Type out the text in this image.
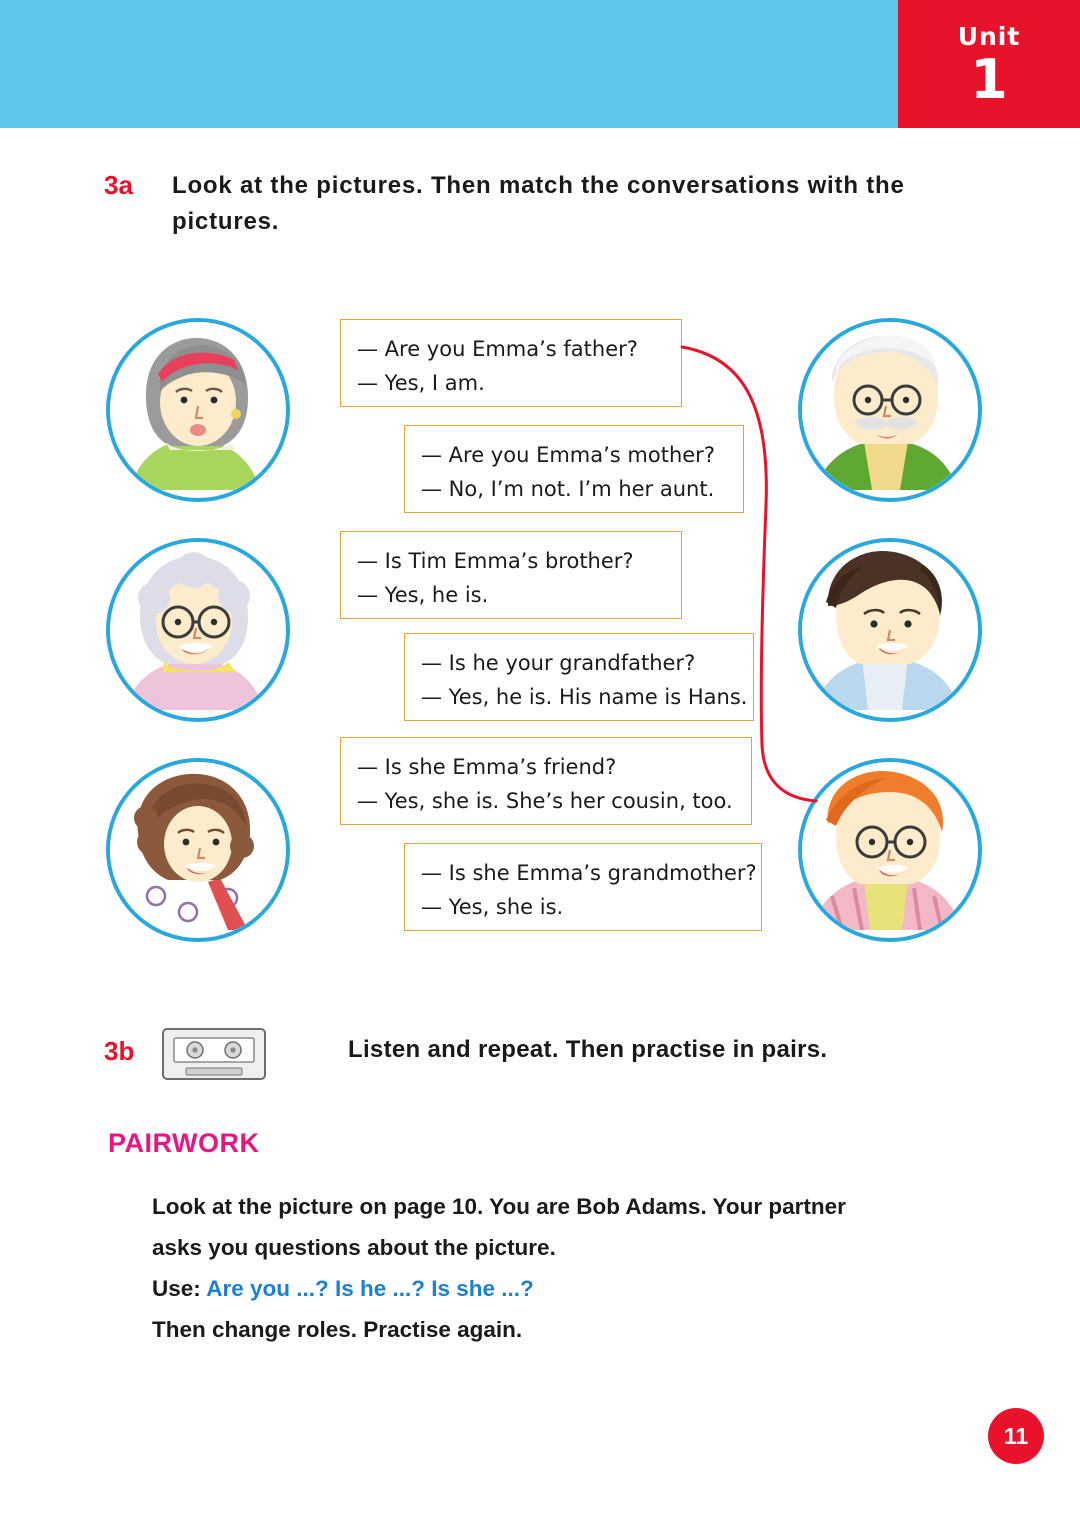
Unit
1
3a Look at the pictures. Then match the conversations with the pictures.
— Are you Emma’s father?
— Yes, I am.
— Are you Emma’s mother?
— No, I’m not. I’m her aunt.
— Is Tim Emma’s brother?
— Yes, he is.
— Is he your grandfather?
— Yes, he is. His name is Hans.
— Is she Emma’s friend?
— Yes, she is. She’s her cousin, too.
— Is she Emma’s grandmother?
— Yes, she is.
3b	Listen and repeat. Then practise in pairs.
PAIRWORK
Look at the picture on page 10. You are Bob Adams. Your partner
asks you questions about the picture.
Use: Are you ...? Is he ...? Is she ...?
Then change roles. Practise again.
11
